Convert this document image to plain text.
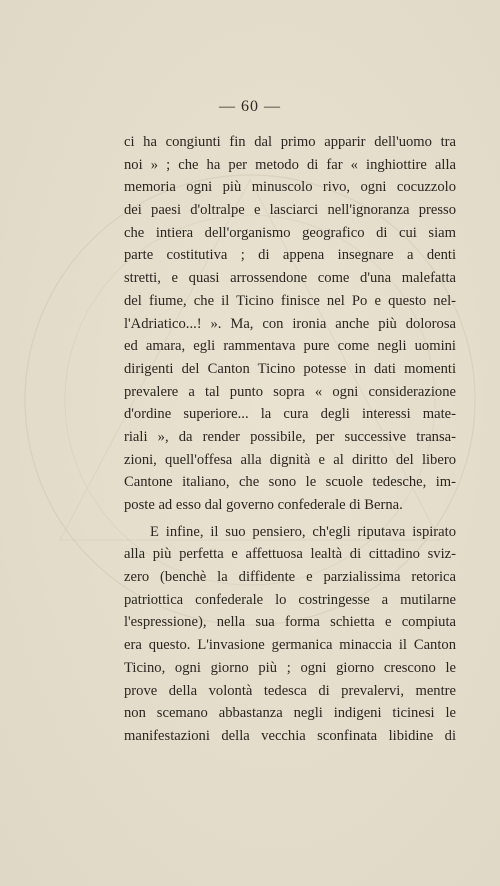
— 60 —

ci ha congiunti fin dal primo apparir dell'uomo tra

noi » ; che ha per metodo di far « inghiottire alla

memoria ogni più minuscolo rivo, ogni cocuzzolo

dei paesi d'oltralpe e lasciarci nell'ignoranza presso

che intiera dell'organismo geografico di cui siam

parte costitutiva ; di appena insegnare a denti

stretti, e quasi arrossendone come d'una malefatta

del fiume, che il Ticino finisce nel Po e questo nel-

l'Adriatico...! ». Ma, con ironia anche più dolorosa

ed amara, egli rammentava pure come negli uomini

dirigenti del Canton Ticino potesse in dati momenti

prevalere a tal punto sopra « ogni considerazione

d'ordine superiore... la cura degli interessi mate-

riali », da render possibile, per successive transa-

zioni, quell'offesa alla dignità e al diritto del libero

Cantone italiano, che sono le scuole tedesche, im-

poste ad esso dal governo confederale di Berna.

E infine, il suo pensiero, ch'egli riputava ispirato

alla più perfetta e affettuosa lealtà di cittadino sviz-

zero (benchè la diffidente e parzialissima retorica

patriottica confederale lo costringesse a mutilarne

l'espressione), nella sua forma schietta e compiuta

era questo. L'invasione germanica minaccia il Canton

Ticino, ogni giorno più ; ogni giorno crescono le

prove della volontà tedesca di prevalervi, mentre

non scemano abbastanza negli indigeni ticinesi le

manifestazioni della vecchia sconfinata libidine di
